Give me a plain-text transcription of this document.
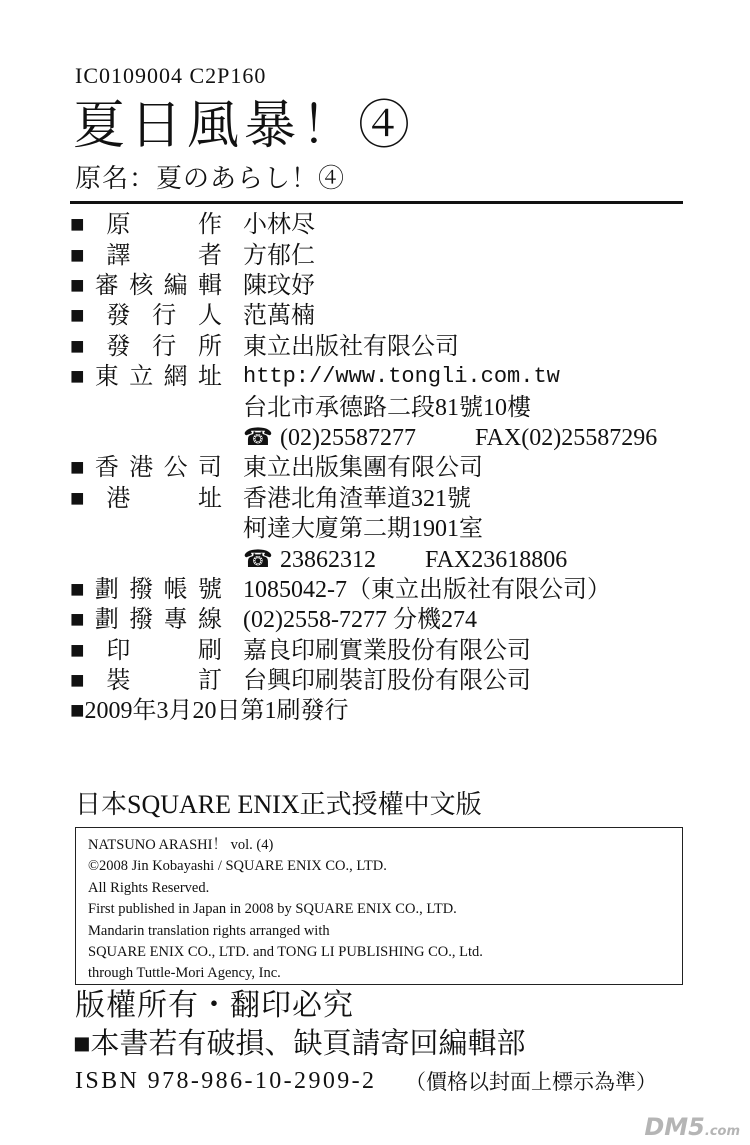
IC0109004 C2P160
夏日風暴！④
原名：夏のあらし！④
■原　作 小林尽
■譯　者 方郁仁
■審核編輯 陳玟妤
■發行人 范萬楠
■發行所 東立出版社有限公司
■東立網址 http://www.tongli.com.tw
台北市承德路二段81號10樓
☎ (02)25587277 FAX(02)25587296
■香港公司 東立出版集團有限公司
■港　址 香港北角渣華道321號
柯達大廈第二期1901室
☎ 23862312 FAX23618806
■劃撥帳號 1085042-7（東立出版社有限公司）
■劃撥專線 (02)2558-7277 分機274
■印　刷 嘉良印刷實業股份有限公司
■裝　訂 台興印刷裝訂股份有限公司
■2009年3月20日第1刷發行
日本SQUARE ENIX正式授權中文版
NATSUNO ARASHI！ vol. (4)
©2008 Jin Kobayashi / SQUARE ENIX CO., LTD.
All Rights Reserved.
First published in Japan in 2008 by SQUARE ENIX CO., LTD.
Mandarin translation rights arranged with
SQUARE ENIX CO., LTD. and TONG LI PUBLISHING CO., Ltd.
through Tuttle-Mori Agency, Inc.
版權所有・翻印必究
■本書若有破損、缺頁請寄回編輯部
ISBN 978-986-10-2909-2 （價格以封面上標示為準）
DM5.com
